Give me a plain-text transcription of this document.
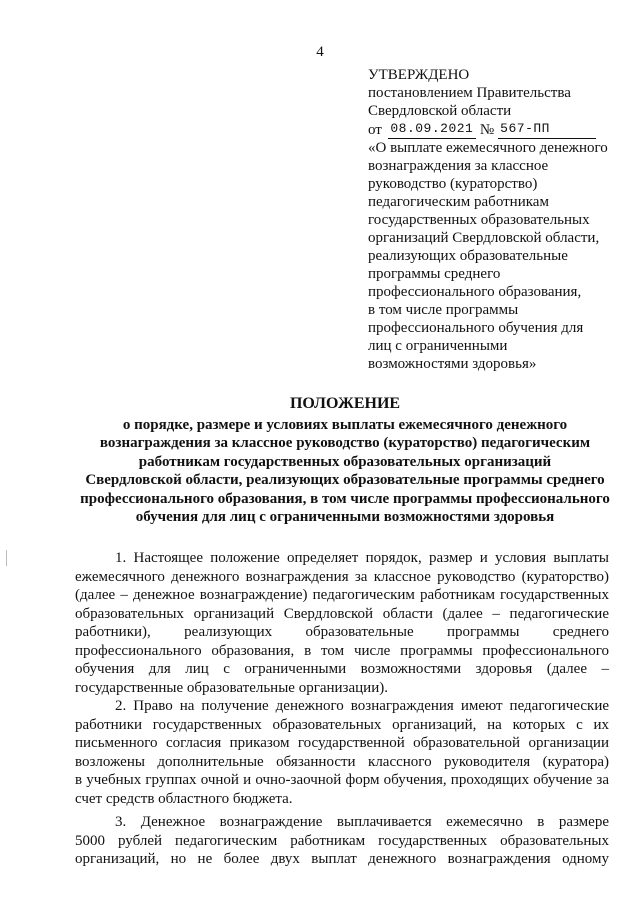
4
УТВЕРЖДЕНО
постановлением Правительства
Свердловской области
от 08.09.2021 № 567-ПП
«О выплате ежемесячного денежного
вознаграждения за классное
руководство (кураторство)
педагогическим работникам
государственных образовательных
организаций Свердловской области,
реализующих образовательные
программы среднего
профессионального образования,
в том числе программы
профессионального обучения для
лиц с ограниченными
возможностями здоровья»
ПОЛОЖЕНИЕ
о порядке, размере и условиях выплаты ежемесячного денежного
вознаграждения за классное руководство (кураторство) педагогическим
работникам государственных образовательных организаций
Свердловской области, реализующих образовательные программы среднего
профессионального образования, в том числе программы профессионального
обучения для лиц с ограниченными возможностями здоровья
1. Настоящее положение определяет порядок, размер и условия выплаты
ежемесячного денежного вознаграждения за классное руководство (кураторство)
(далее – денежное вознаграждение) педагогическим работникам государственных
образовательных организаций Свердловской области (далее – педагогические
работники), реализующих образовательные программы среднего
профессионального образования, в том числе программы профессионального
обучения для лиц с ограниченными возможностями здоровья (далее –
государственные образовательные организации).
2. Право на получение денежного вознаграждения имеют педагогические
работники государственных образовательных организаций, на которых с их
письменного согласия приказом государственной образовательной организации
возложены дополнительные обязанности классного руководителя (куратора)
в учебных группах очной и очно-заочной форм обучения, проходящих обучение за
счет средств областного бюджета.
3. Денежное вознаграждение выплачивается ежемесячно в размере
5000 рублей педагогическим работникам государственных образовательных
организаций, но не более двух выплат денежного вознаграждения одному
